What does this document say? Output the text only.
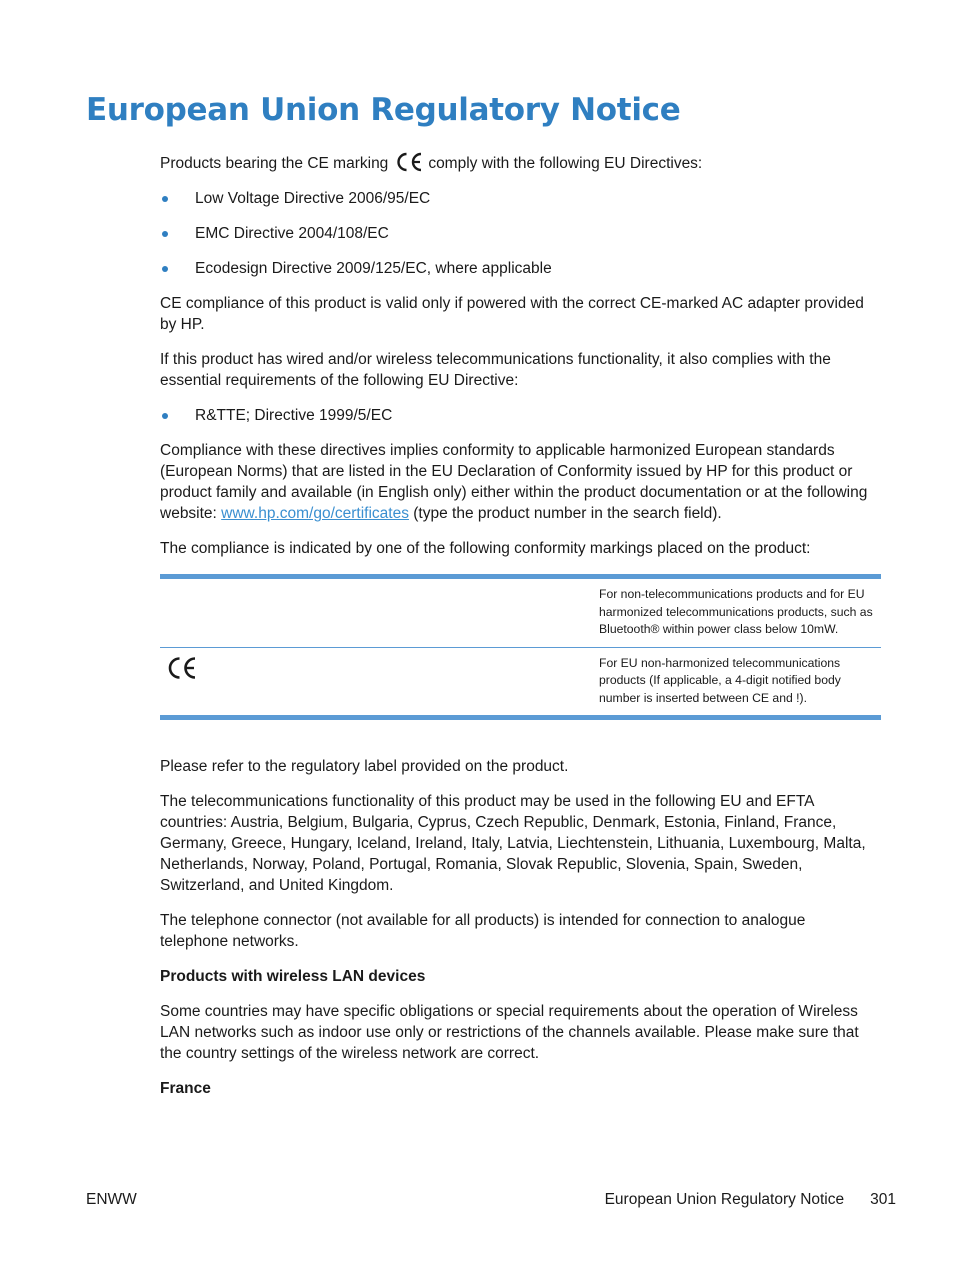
European Union Regulatory Notice

Products bearing the CE marking	comply with the following EU Directives:

Low Voltage Directive 2006/95/EC
EMC Directive 2004/108/EC
Ecodesign Directive 2009/125/EC, where applicable

CE compliance of this product is valid only if powered with the correct CE-marked AC adapter provided by HP.

If this product has wired and/or wireless telecommunications functionality, it also complies with the essential requirements of the following EU Directive:

R&TTE; Directive 1999/5/EC

Compliance with these directives implies conformity to applicable harmonized European standards (European Norms) that are listed in the EU Declaration of Conformity issued by HP for this product or product family and available (in English only) either within the product documentation or at the following website: www.hp.com/go/certificates (type the product number in the search field).

The compliance is indicated by one of the following conformity markings placed on the product:

For non-telecommunications products and for EU harmonized telecommunications products, such as Bluetooth® within power class below 10mW.
For EU non-harmonized telecommunications products (If applicable, a 4-digit notified body number is inserted between CE and !).

Please refer to the regulatory label provided on the product.

The telecommunications functionality of this product may be used in the following EU and EFTA countries: Austria, Belgium, Bulgaria, Cyprus, Czech Republic, Denmark, Estonia, Finland, France, Germany, Greece, Hungary, Iceland, Ireland, Italy, Latvia, Liechtenstein, Lithuania, Luxembourg, Malta, Netherlands, Norway, Poland, Portugal, Romania, Slovak Republic, Slovenia, Spain, Sweden, Switzerland, and United Kingdom.

The telephone connector (not available for all products) is intended for connection to analogue telephone networks.

Products with wireless LAN devices

Some countries may have specific obligations or special requirements about the operation of Wireless LAN networks such as indoor use only or restrictions of the channels available. Please make sure that the country settings of the wireless network are correct.

France

ENWW	European Union Regulatory Notice 301
